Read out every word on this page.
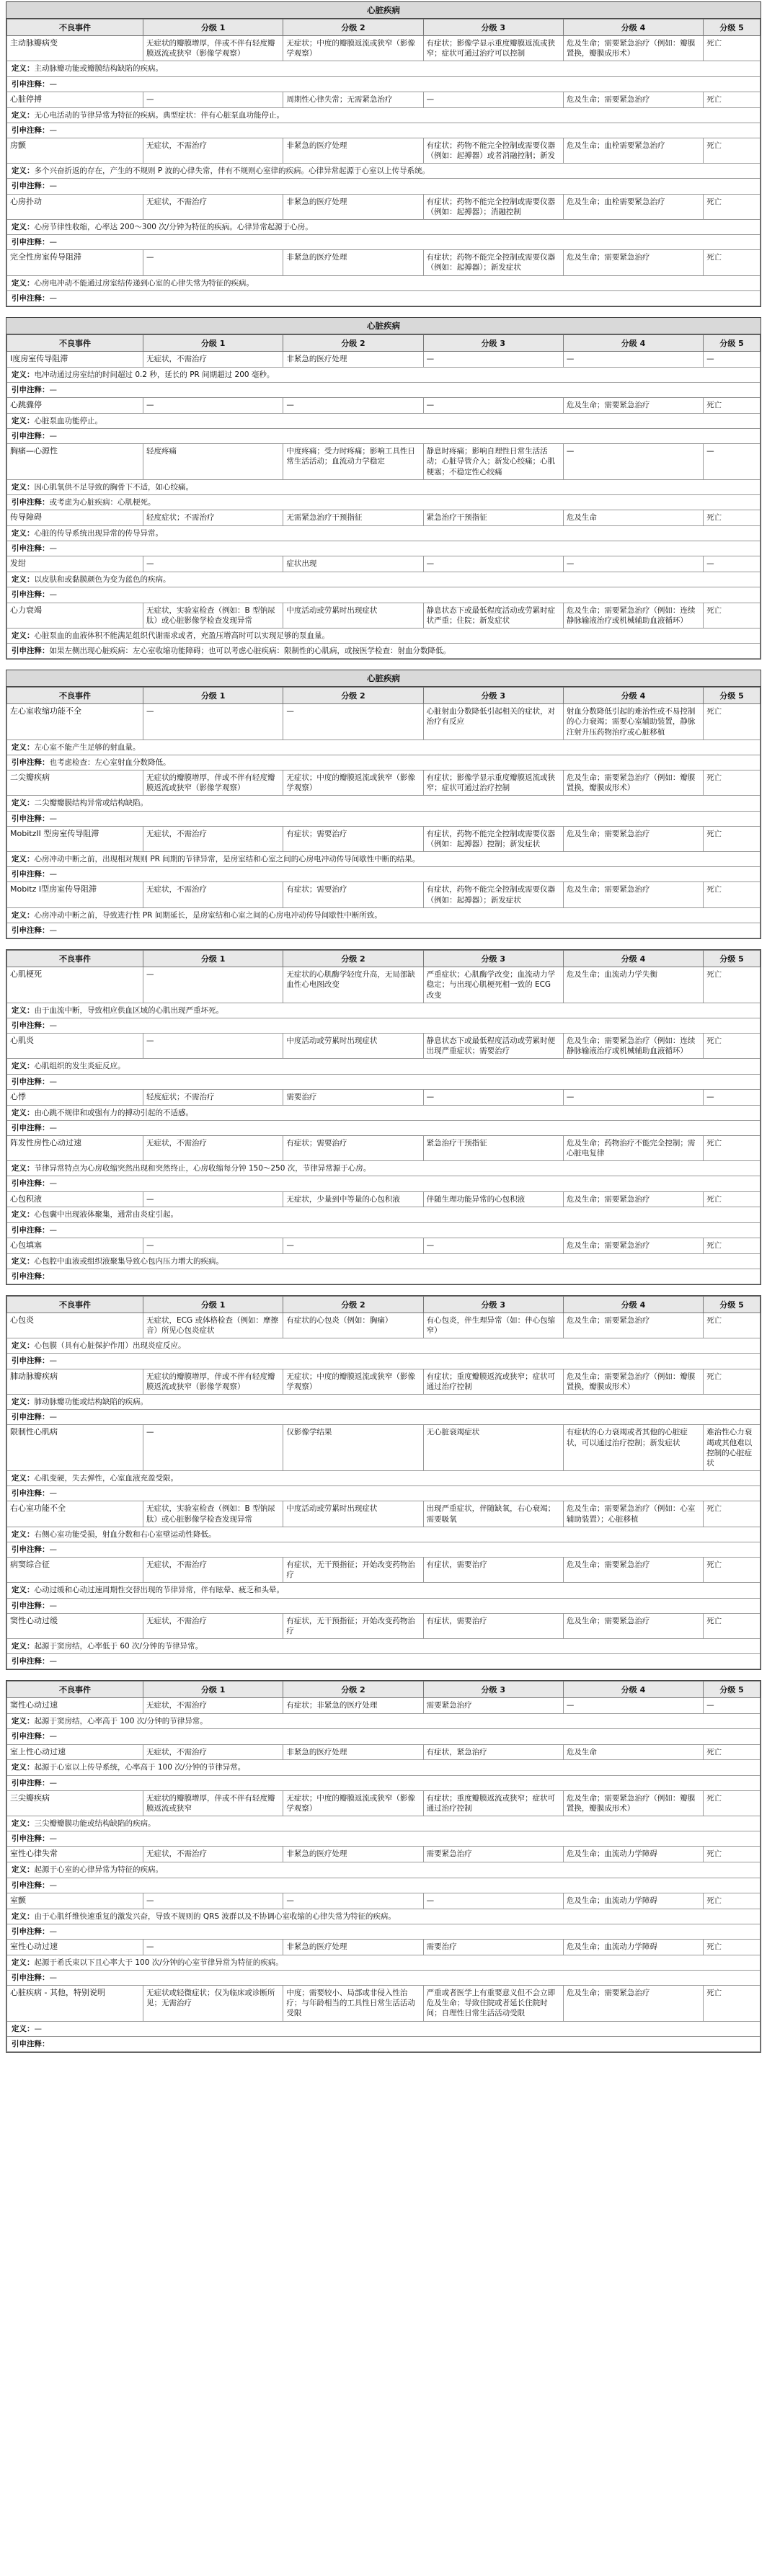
心脏疾病
不良事件	分级 1	分级 2	分级 3	分级 4	分级 5
主动脉瓣病变	无症状的瓣膜增厚，伴或不伴有轻度瓣膜返流或狭窄（影像学观察）	无症状；中度的瓣膜返流或狭窄（影像学观察）	有症状；影像学显示重度瓣膜返流或狭窄；症状可通过治疗可以控制	危及生命；需要紧急治疗（例如：瓣膜置换，瓣膜成形术）	死亡
定义：主动脉瓣功能或瓣膜结构缺陷的疾病。					
引申注释：—					
心脏停搏	—	周期性心律失常；无需紧急治疗	—	危及生命；需要紧急治疗	死亡
定义：无心电活动的节律异常为特征的疾病。典型症状：伴有心脏泵血功能停止。					
引申注释：—					
房颤	无症状，不需治疗	非紧急的医疗处理	有症状；药物不能完全控制或需要仪器（例如：起搏器）或者消融控制；新发	危及生命；血栓需要紧急治疗	死亡
定义：多个兴奋折返的存在，产生的不规则 P 波的心律失常，伴有不规则心室律的疾病。心律异常起源于心室以上传导系统。					
引申注释：—					
心房扑动	无症状，不需治疗	非紧急的医疗处理	有症状；药物不能完全控制或需要仪器（例如：起搏器）；消融控制	危及生命；血栓需要紧急治疗	死亡
定义：心房节律性收缩，心率达 200～300 次/分钟为特征的疾病。心律异常起源于心房。					
引申注释：—					
完全性房室传导阻滞	—	非紧急的医疗处理	有症状；药物不能完全控制或需要仪器（例如：起搏器）；新发症状	危及生命；需要紧急治疗	死亡
定义：心房电冲动不能通过房室结传递到心室的心律失常为特征的疾病。					
引申注释：—					
心脏疾病
不良事件	分级 1	分级 2	分级 3	分级 4	分级 5
Ⅰ度房室传导阻滞	无症状，不需治疗	非紧急的医疗处理	—	—	—
定义：电冲动通过房室结的时间超过 0.2 秒，延长的 PR 间期超过 200 毫秒。					
引申注释：—					
心跳骤停	—	—	—	危及生命；需要紧急治疗	死亡
定义：心脏泵血功能停止。					
引申注释：—					
胸痛—心源性	轻度疼痛	中度疼痛；受力时疼痛；影响工具性日常生活活动；血流动力学稳定	静息时疼痛；影响自理性日常生活活动；心脏导管介入；新发心绞痛；心肌梗塞；不稳定性心绞痛	—	—
定义：因心肌氧供不足导致的胸骨下不适，如心绞痛。					
引申注释：或考虑为心脏疾病：心肌梗死。					
传导障碍	轻度症状；不需治疗	无需紧急治疗干预指征	紧急治疗干预指征	危及生命	死亡
定义：心脏的传导系统出现异常的传导异常。					
引申注释：—					
发绀	—	症状出现	—	—	—
定义：以皮肤和或黏膜颜色为变为蓝色的疾病。					
引申注释：—					
心力衰竭	无症状，实验室检查（例如：B 型钠尿肽）或心脏影像学检查发现异常	中度活动或劳累时出现症状	静息状态下或最低程度活动或劳累时症状严重；住院；新发症状	危及生命；需要紧急治疗（例如：连续静脉输液治疗或机械辅助血液循环）	死亡
定义：心脏泵血的血液体积不能满足组织代谢需求或者，充盈压增高时可以实现足够的泵血量。					
引申注释：如果左侧出现心脏疾病：左心室收缩功能障碍；也可以考虑心脏疾病：限制性的心肌病，或按医学检查：射血分数降低。					
心脏疾病
不良事件	分级 1	分级 2	分级 3	分级 4	分级 5
左心室收缩功能不全	—	—	心脏射血分数降低引起相关的症状，对治疗有反应	射血分数降低引起的难治性或不易控制的心力衰竭；需要心室辅助装置，静脉注射升压药物治疗或心脏移植	死亡
定义：左心室不能产生足够的射血量。					
引申注释：也考虑检查：左心室射血分数降低。					
二尖瓣疾病	无症状的瓣膜增厚，伴或不伴有轻度瓣膜返流或狭窄（影像学观察）	无症状；中度的瓣膜返流或狭窄（影像学观察）	有症状；影像学显示重度瓣膜返流或狭窄；症状可通过治疗控制	危及生命；需要紧急治疗（例如：瓣膜置换，瓣膜成形术）	死亡
定义：二尖瓣瓣膜结构异常或结构缺陷。					
引申注释：—					
MobitzII 型房室传导阻滞	无症状，不需治疗	有症状；需要治疗	有症状，药物不能完全控制或需要仪器（例如：起搏器）控制；新发症状	危及生命；需要紧急治疗	死亡
定义：心房冲动中断之前，出现相对规则 PR 间期的节律异常，是房室结和心室之间的心房电冲动传导间歇性中断的结果。					
引申注释：—					
Mobitz Ⅰ型房室传导阻滞	无症状，不需治疗	有症状；需要治疗	有症状，药物不能完全控制或需要仪器（例如：起搏器）；新发症状	危及生命；需要紧急治疗	死亡
定义：心房冲动中断之前，导致进行性 PR 间期延长，是房室结和心室之间的心房电冲动传导间歇性中断所致。					
引申注释：—					
不良事件	分级 1	分级 2	分级 3	分级 4	分级 5
心肌梗死	—	无症状的心肌酶学轻度升高，无局部缺血性心电图改变	严重症状；心肌酶学改变；血流动力学稳定；与出现心肌梗死相一致的 ECG 改变	危及生命；血流动力学失衡	死亡
定义：由于血流中断，导致相应供血区域的心肌出现严重坏死。					
引申注释：—					
心肌炎	—	中度活动或劳累时出现症状	静息状态下或最低程度活动或劳累时便出现严重症状；需要治疗	危及生命；需要紧急治疗（例如：连续静脉输液治疗或机械辅助血液循环）	死亡
定义：心肌组织的发生炎症反应。					
引申注释：—					
心悸	轻度症状；不需治疗	需要治疗	—	—	—
定义：由心跳不规律和或强有力的搏动引起的不适感。					
引申注释：—					
阵发性房性心动过速	无症状，不需治疗	有症状；需要治疗	紧急治疗干预指征	危及生命；药物治疗不能完全控制；需心脏电复律	死亡
定义：节律异常特点为心房收缩突然出现和突然终止，心房收缩每分钟 150～250 次，节律异常源于心房。					
引申注释：—					
心包积液	—	无症状，少量到中等量的心包积液	伴随生理功能异常的心包积液	危及生命；需要紧急治疗	死亡
定义：心包囊中出现液体聚集，通常由炎症引起。					
引申注释：—					
心包填塞	—	—	—	危及生命；需要紧急治疗	死亡
定义：心包腔中血液或组织液聚集导致心包内压力增大的疾病。					
引申注释：					
不良事件	分级 1	分级 2	分级 3	分级 4	分级 5
心包炎	无症状，ECG 或体格检查（例如：摩擦音）所见心包炎症状	有症状的心包炎（例如：胸痛）	有心包炎，伴生理异常（如：伴心包缩窄）	危及生命；需要紧急治疗	死亡
定义：心包膜（具有心脏保护作用）出现炎症反应。					
引申注释：—					
肺动脉瓣疾病	无症状的瓣膜增厚，伴或不伴有轻度瓣膜返流或狭窄（影像学观察）	无症状；中度的瓣膜返流或狭窄（影像学观察）	有症状；重度瓣膜返流或狭窄；症状可通过治疗控制	危及生命；需要紧急治疗（例如：瓣膜置换，瓣膜成形术）	死亡
定义：肺动脉瓣功能或结构缺陷的疾病。					
引申注释：—					
限制性心肌病	—	仅影像学结果	无心脏衰竭症状	有症状的心力衰竭或者其他的心脏症状，可以通过治疗控制；新发症状	难治性心力衰竭或其他难以控制的心脏症状
定义：心肌变硬，失去弹性，心室血液充盈受限。					
引申注释：—					
右心室功能不全	无症状，实验室检查（例如：B 型钠尿肽）或心脏影像学检查发现异常	中度活动或劳累时出现症状	出现严重症状，伴随缺氧，右心衰竭；需要吸氧	危及生命；需要紧急治疗（例如：心室辅助装置）；心脏移植	死亡
定义：右侧心室功能受损，射血分数和右心室壁运动性降低。					
引申注释：—					
病窦综合征	无症状，不需治疗	有症状，无干预指征；开始改变药物治疗	有症状，需要治疗	危及生命；需要紧急治疗	死亡
定义：心动过缓和心动过速周期性交替出现的节律异常，伴有眩晕、疲乏和头晕。					
引申注释：—					
窦性心动过缓	无症状，不需治疗	有症状，无干预指征；开始改变药物治疗	有症状，需要治疗	危及生命；需要紧急治疗	死亡
定义：起源于窦房结，心率低于 60 次/分钟的节律异常。					
引申注释：—					
不良事件	分级 1	分级 2	分级 3	分级 4	分级 5
窦性心动过速	无症状，不需治疗	有症状；非紧急的医疗处理	需要紧急治疗	—	—
定义：起源于窦房结，心率高于 100 次/分钟的节律异常。					
引申注释：—					
室上性心动过速	无症状，不需治疗	非紧急的医疗处理	有症状，紧急治疗	危及生命	死亡
定义：起源于心室以上传导系统，心率高于 100 次/分钟的节律异常。					
引申注释：—					
三尖瓣疾病	无症状的瓣膜增厚，伴或不伴有轻度瓣膜返流或狭窄	无症状；中度的瓣膜返流或狭窄（影像学观察）	有症状；重度瓣膜返流或狭窄；症状可通过治疗控制	危及生命；需要紧急治疗（例如：瓣膜置换，瓣膜成形术）	死亡
定义：三尖瓣瓣膜功能或结构缺陷的疾病。					
引申注释：—					
室性心律失常	无症状，不需治疗	非紧急的医疗处理	需要紧急治疗	危及生命；血流动力学障碍	死亡
定义：起源于心室的心律异常为特征的疾病。					
引申注释：—					
室颤	—	—	—	危及生命；血流动力学障碍	死亡
定义：由于心肌纤维快速重复的激发兴奋，导致不规则的 QRS 波群以及不协调心室收缩的心律失常为特征的疾病。					
引申注释：—					
室性心动过速	—	非紧急的医疗处理	需要治疗	危及生命；血流动力学障碍	死亡
定义：起源于希氏束以下且心率大于 100 次/分钟的心室节律异常为特征的疾病。					
引申注释：—					
心脏疾病 - 其他，特别说明	无症状或轻微症状；仅为临床或诊断所见；无需治疗	中度；需要较小、局部或非侵入性治疗；与年龄相当的工具性日常生活活动受限	严重或者医学上有重要意义但不会立即危及生命；导致住院或者延长住院时间；自理性日常生活活动受限	危及生命；需要紧急治疗	死亡
定义：—					
引申注释：					
